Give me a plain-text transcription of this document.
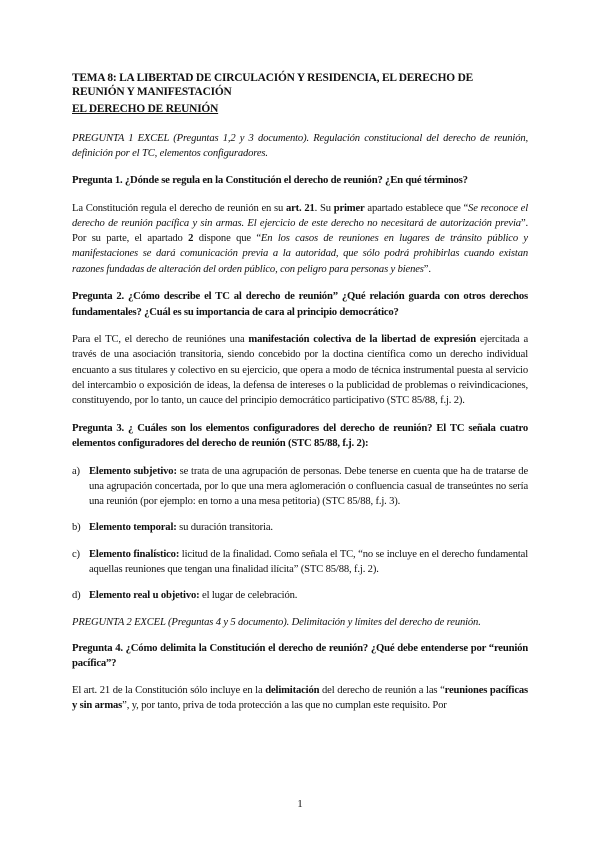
TEMA 8: LA LIBERTAD DE CIRCULACIÓN Y RESIDENCIA, EL DERECHO DE REUNIÓN Y MANIFESTACIÓN

EL DERECHO DE REUNIÓN

PREGUNTA 1 EXCEL (Preguntas 1,2 y 3 documento). Regulación constitucional del derecho de reunión, definición por el TC, elementos configuradores.

Pregunta 1. ¿Dónde se regula en la Constitución el derecho de reunión? ¿En qué términos?

La Constitución regula el derecho de reunión en su art. 21. Su primer apartado establece que “Se reconoce el derecho de reunión pacífica y sin armas. El ejercicio de este derecho no necesitará de autorización previa”. Por su parte, el apartado 2 dispone que “En los casos de reuniones en lugares de tránsito público y manifestaciones se dará comunicación previa a la autoridad, que sólo podrá prohibirlas cuando existan razones fundadas de alteración del orden público, con peligro para personas y bienes”.

Pregunta 2. ¿Cómo describe el TC al derecho de reunión” ¿Qué relación guarda con otros derechos fundamentales? ¿Cuál es su importancia de cara al principio democrático?

Para el TC, el derecho de reuniónes una manifestación colectiva de la libertad de expresión ejercitada a través de una asociación transitoria, siendo concebido por la doctina científica como un derecho individual encuanto a sus titulares y colectivo en su ejercicio, que opera a modo de técnica instrumental puesta al servicio del intercambio o exposición de ideas, la defensa de intereses o la publicidad de problemas o reivindicaciones, constituyendo, por lo tanto, un cauce del principio democrático participativo (STC 85/88, f.j. 2).

Pregunta 3. ¿ Cuáles son los elementos configuradores del derecho de reunión? El TC señala cuatro elementos configuradores del derecho de reunión (STC 85/88, f.j. 2):

a) Elemento subjetivo: se trata de una agrupación de personas. Debe tenerse en cuenta que ha de tratarse de una agrupación concertada, por lo que una mera aglomeración o confluencia casual de transeúntes no sería una reunión (por ejemplo: en torno a una mesa petitoria) (STC 85/88, f.j. 3).
b) Elemento temporal: su duración transitoria.
c) Elemento finalístico: licitud de la finalidad. Como señala el TC, “no se incluye en el derecho fundamental aquellas reuniones que tengan una finalidad ilícita” (STC 85/88, f.j. 2).
d) Elemento real u objetivo: el lugar de celebración.

PREGUNTA 2 EXCEL (Preguntas 4 y 5 documento). Delimitación y límites del derecho de reunión.

Pregunta 4. ¿Cómo delimita la Constitución el derecho de reunión? ¿Qué debe entenderse por “reunión pacífica”?

El art. 21 de la Constitución sólo incluye en la delimitación del derecho de reunión a las “reuniones pacíficas y sin armas”, y, por tanto, priva de toda protección a las que no cumplan este requisito. Por

1
